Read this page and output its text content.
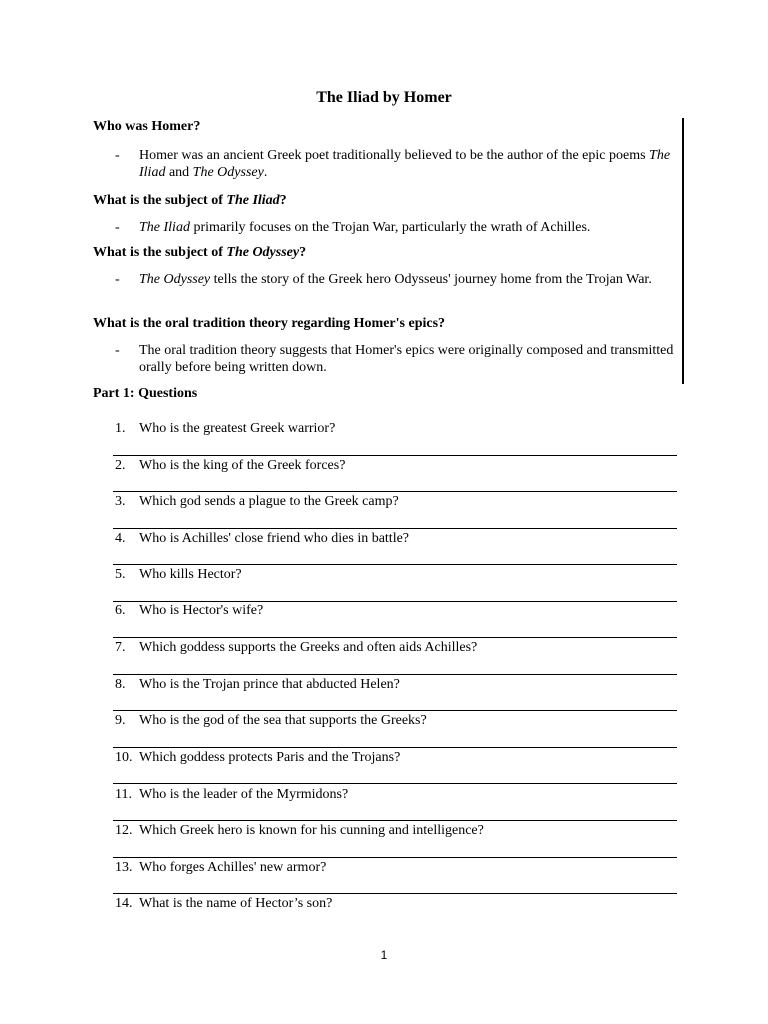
The Iliad by Homer
Who was Homer?
- Homer was an ancient Greek poet traditionally believed to be the author of the epic poems The Iliad and The Odyssey.
What is the subject of The Iliad?
- The Iliad primarily focuses on the Trojan War, particularly the wrath of Achilles.
What is the subject of The Odyssey?
- The Odyssey tells the story of the Greek hero Odysseus' journey home from the Trojan War.
What is the oral tradition theory regarding Homer's epics?
- The oral tradition theory suggests that Homer's epics were originally composed and transmitted orally before being written down.
Part 1: Questions
1. Who is the greatest Greek warrior?
2. Who is the king of the Greek forces?
3. Which god sends a plague to the Greek camp?
4. Who is Achilles' close friend who dies in battle?
5. Who kills Hector?
6. Who is Hector's wife?
7. Which goddess supports the Greeks and often aids Achilles?
8. Who is the Trojan prince that abducted Helen?
9. Who is the god of the sea that supports the Greeks?
10. Which goddess protects Paris and the Trojans?
11. Who is the leader of the Myrmidons?
12. Which Greek hero is known for his cunning and intelligence?
13. Who forges Achilles' new armor?
14. What is the name of Hector’s son?
1
